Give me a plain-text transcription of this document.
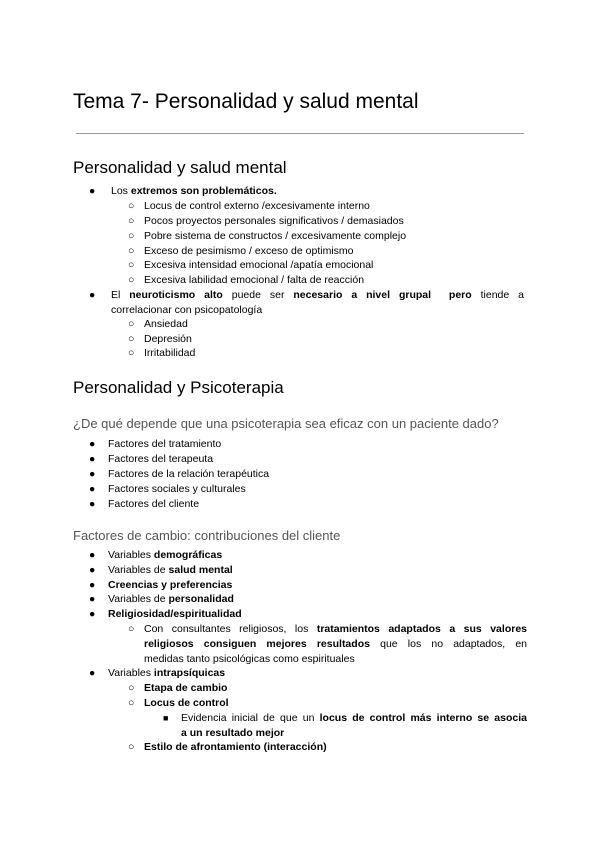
Tema 7- Personalidad y salud mental
Personalidad y salud mental
● Los extremos son problemáticos.
○ Locus de control externo /excesivamente interno
○ Pocos proyectos personales significativos / demasiados
○ Pobre sistema de constructos / excesivamente complejo
○ Exceso de pesimismo / exceso de optimismo
○ Excesiva intensidad emocional /apatía emocional
○ Excesiva labilidad emocional / falta de reacción
● El neuroticismo alto puede ser necesario a nivel grupal pero tiende a
correlacionar con psicopatología
○ Ansiedad
○ Depresión
○ Irritabilidad
Personalidad y Psicoterapia
¿De qué depende que una psicoterapia sea eficaz con un paciente dado?
● Factores del tratamiento
● Factores del terapeuta
● Factores de la relación terapéutica
● Factores sociales y culturales
● Factores del cliente
Factores de cambio: contribuciones del cliente
● Variables demográficas
● Variables de salud mental
● Creencias y preferencias
● Variables de personalidad
● Religiosidad/espiritualidad
○ Con consultantes religiosos, los tratamientos adaptados a sus valores
religiosos consiguen mejores resultados que los no adaptados, en
medidas tanto psicológicas como espirituales
● Variables intrapsíquicas
○ Etapa de cambio
○ Locus de control
■ Evidencia inicial de que un locus de control más interno se asocia
a un resultado mejor
○ Estilo de afrontamiento (interacción)
